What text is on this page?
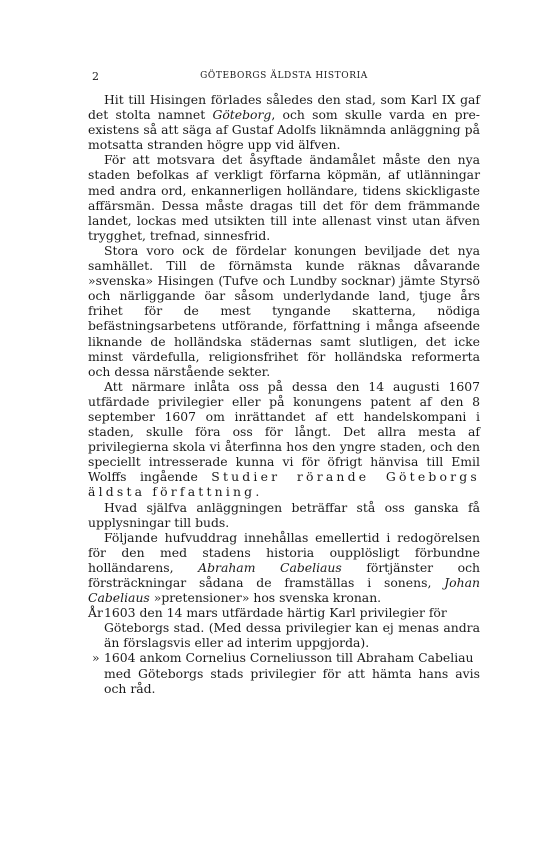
2	GÖTEBORGS ÄLDSTA HISTORIA

Hit till Hisingen förlades således den stad, som Karl IX gaf det stolta namnet Göteborg, och som skulle varda en pre-existens så att säga af Gustaf Adolfs liknämnda anläggning på motsatta stranden högre upp vid älfven.

För att motsvara det åsyftade ändamålet måste den nya staden befolkas af verkligt förfarna köpmän, af utlänningar med andra ord, enkannerligen holländare, tidens skickligaste affärsmän. Dessa måste dragas till det för dem främmande landet, lockas med utsikten till inte allenast vinst utan äfven trygghet, trefnad, sinnesfrid.

Stora voro ock de fördelar konungen beviljade det nya samhället. Till de förnämsta kunde räknas dåvarande »svenska» Hisingen (Tufve och Lundby socknar) jämte Styrsö och närliggande öar såsom underlydande land, tjuge års frihet för de mest tyngande skatterna, nödiga befästningsarbetens utförande, författning i många afseende liknande de holländska städernas samt slutligen, det icke minst värdefulla, religionsfrihet för holländska reformerta och dessa närstående sekter.

Att närmare inlåta oss på dessa den 14 augusti 1607 utfärdade privilegier eller på konungens patent af den 8 september 1607 om inrättandet af ett handelskompani i staden, skulle föra oss för långt. Det allra mesta af privilegierna skola vi återfinna hos den yngre staden, och den speciellt intresserade kunna vi för öfrigt hänvisa till Emil Wolffs ingående Studier rörande Göteborgs äldsta författning.

Hvad själfva anläggningen beträffar stå oss ganska få upplysningar till buds.

Följande hufvuddrag innehållas emellertid i redogörelsen för den med stadens historia oupplösligt förbundne holländarens, Abraham Cabeliaus förtjänster och försträckningar sådana de framställas i sonens, Johan Cabeliaus »pretensioner» hos svenska kronan.

År1603 den 14 mars utfärdade härtig Karl privilegier för
Göteborgs stad. (Med dessa privilegier kan ej menas andra än förslagsvis eller ad interim uppgjorda).
» 1604 ankom Cornelius Corneliusson till Abraham Cabeliau
med Göteborgs stads privilegier för att hämta hans avis och råd.
